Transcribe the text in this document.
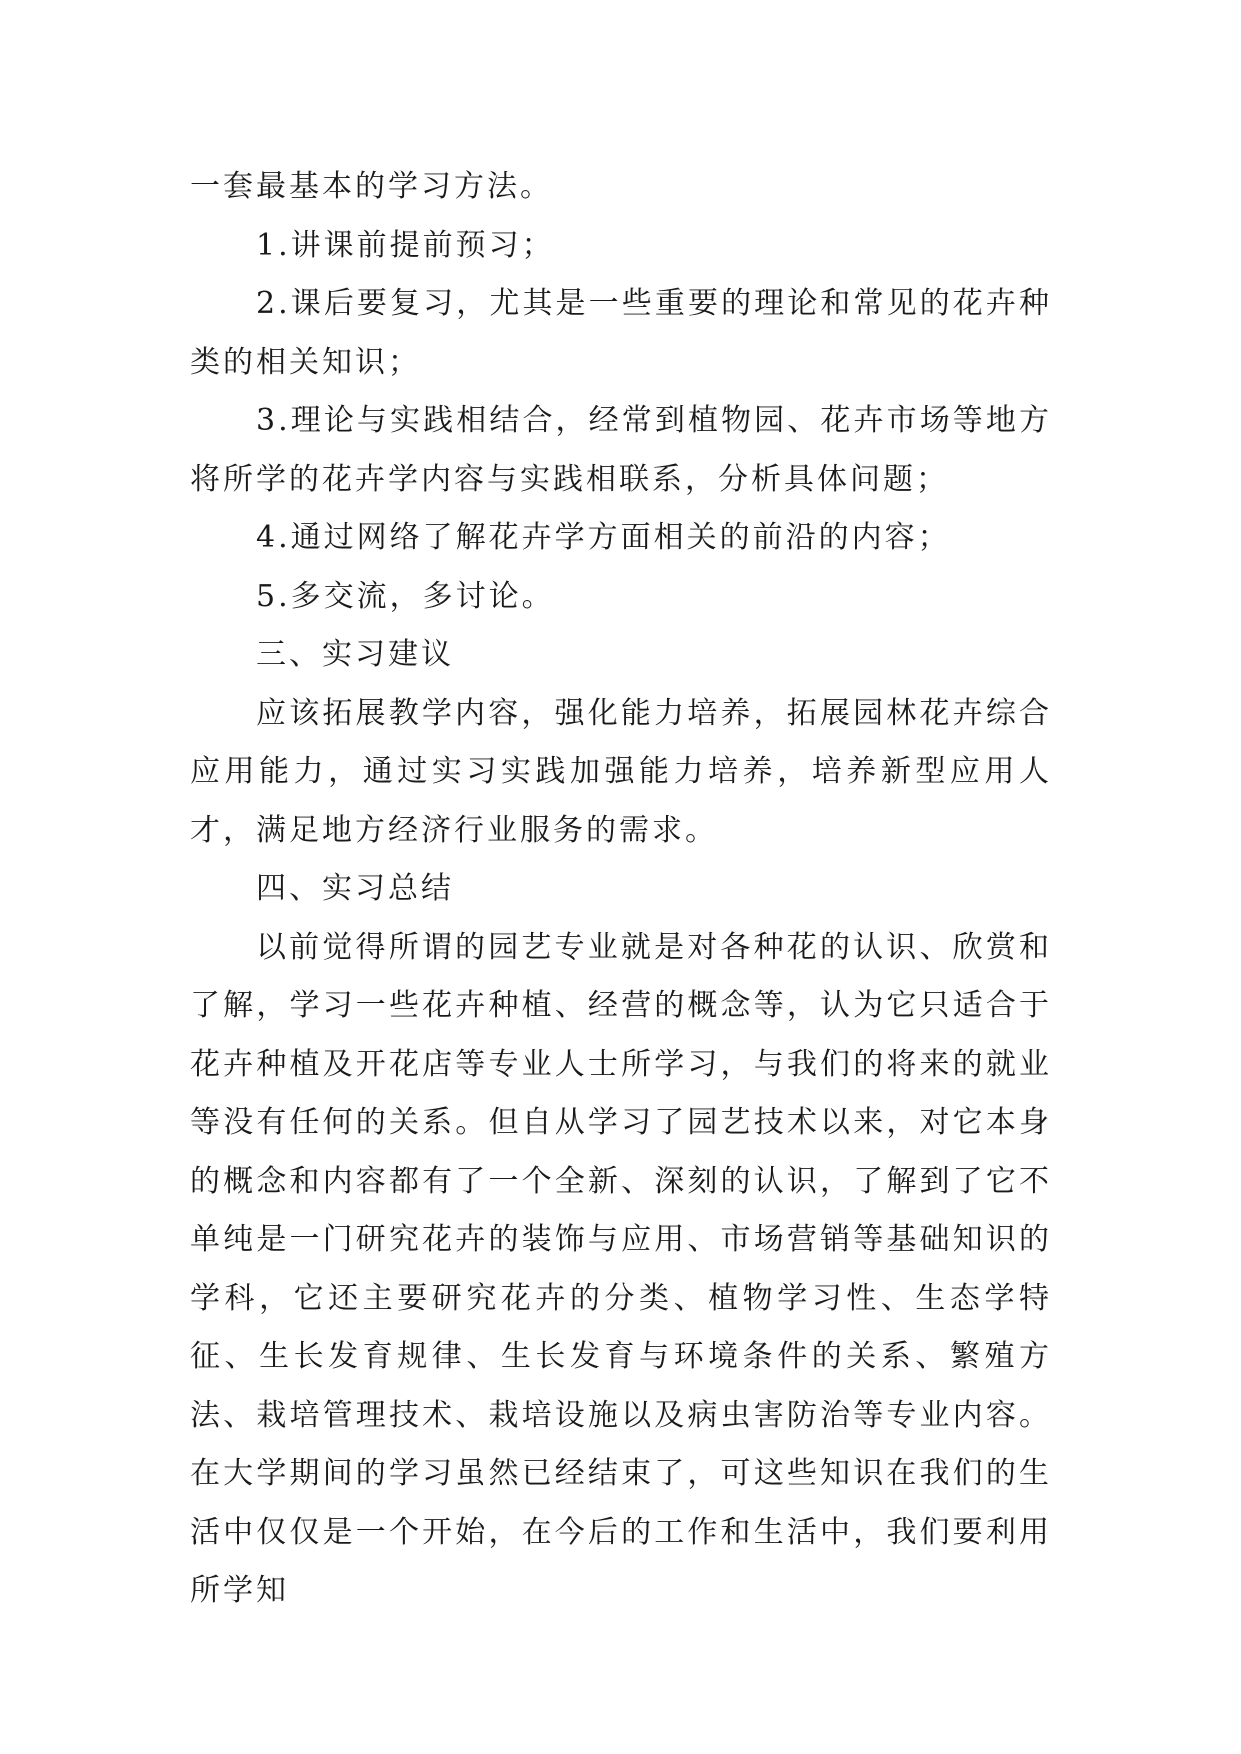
一套最基本的学习方法。

1.讲课前提前预习；

2.课后要复习，尤其是一些重要的理论和常见的花卉种类的相关知识；

3.理论与实践相结合，经常到植物园、花卉市场等地方将所学的花卉学内容与实践相联系，分析具体问题；

4.通过网络了解花卉学方面相关的前沿的内容；

5.多交流，多讨论。

三、实习建议

应该拓展教学内容，强化能力培养，拓展园林花卉综合应用能力，通过实习实践加强能力培养，培养新型应用人才，满足地方经济行业服务的需求。

四、实习总结

以前觉得所谓的园艺专业就是对各种花的认识、欣赏和了解，学习一些花卉种植、经营的概念等，认为它只适合于花卉种植及开花店等专业人士所学习，与我们的将来的就业等没有任何的关系。但自从学习了园艺技术以来，对它本身的概念和内容都有了一个全新、深刻的认识，了解到了它不单纯是一门研究花卉的装饰与应用、市场营销等基础知识的学科，它还主要研究花卉的分类、植物学习性、生态学特征、生长发育规律、生长发育与环境条件的关系、繁殖方法、栽培管理技术、栽培设施以及病虫害防治等专业内容。在大学期间的学习虽然已经结束了，可这些知识在我们的生活中仅仅是一个开始，在今后的工作和生活中，我们要利用所学知
